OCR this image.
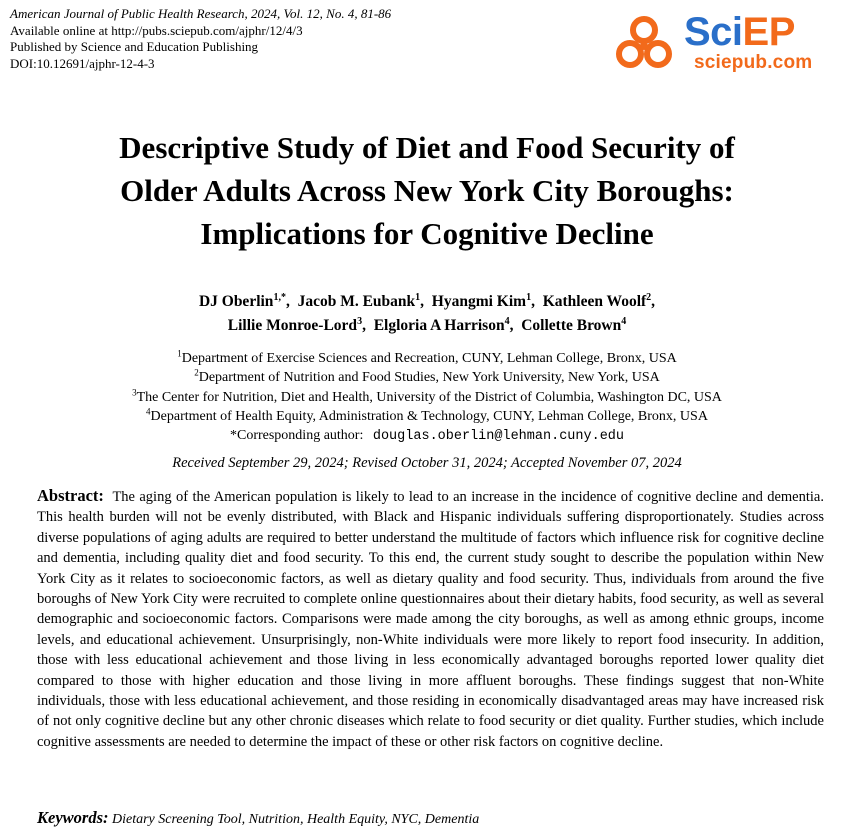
American Journal of Public Health Research, 2024, Vol. 12, No. 4, 81-86
Available online at http://pubs.sciepub.com/ajphr/12/4/3
Published by Science and Education Publishing
DOI:10.12691/ajphr-12-4-3
SciEP
sciepub.com
Descriptive Study of Diet and Food Security of
Older Adults Across New York City Boroughs:
Implications for Cognitive Decline
DJ Oberlin$^{1,*}$,  Jacob M. Eubank$^1$,  Hyangmi Kim$^1$,  Kathleen Woolf$^2$,
Lillie Monroe-Lord$^3$,  Elgloria A Harrison$^4$,  Collette Brown$^4$
$^1$Department of Exercise Sciences and Recreation, CUNY, Lehman College, Bronx, USA
$^2$Department of Nutrition and Food Studies, New York University, New York, USA
$^3$The Center for Nutrition, Diet and Health, University of the District of Columbia, Washington DC, USA
$^4$Department of Health Equity, Administration & Technology, CUNY, Lehman College, Bronx, USA
*Corresponding author: douglas.oberlin@lehman.cuny.edu
Received September 29, 2024; Revised October 31, 2024; Accepted November 07, 2024
Abstract: The aging of the American population is likely to lead to an increase in the incidence of cognitive decline and dementia. This health burden will not be evenly distributed, with Black and Hispanic individuals suffering disproportionately. Studies across diverse populations of aging adults are required to better understand the multitude of factors which influence risk for cognitive decline and dementia, including quality diet and food security. To this end, the current study sought to describe the population within New York City as it relates to socioeconomic factors, as well as dietary quality and food security. Thus, individuals from around the five boroughs of New York City were recruited to complete online questionnaires about their dietary habits, food security, as well as several demographic and socioeconomic factors. Comparisons were made among the city boroughs, as well as among ethnic groups, income levels, and educational achievement. Unsurprisingly, non-White individuals were more likely to report food insecurity. In addition, those with less educational achievement and those living in less economically advantaged boroughs reported lower quality diet compared to those with higher education and those living in more affluent boroughs. These findings suggest that non-White individuals, those with less educational achievement, and those residing in economically disadvantaged areas may have increased risk of not only cognitive decline but any other chronic diseases which relate to food security or diet quality. Further studies, which include cognitive assessments are needed to determine the impact of these or other risk factors on cognitive decline.
Keywords: Dietary Screening Tool, Nutrition, Health Equity, NYC, Dementia
